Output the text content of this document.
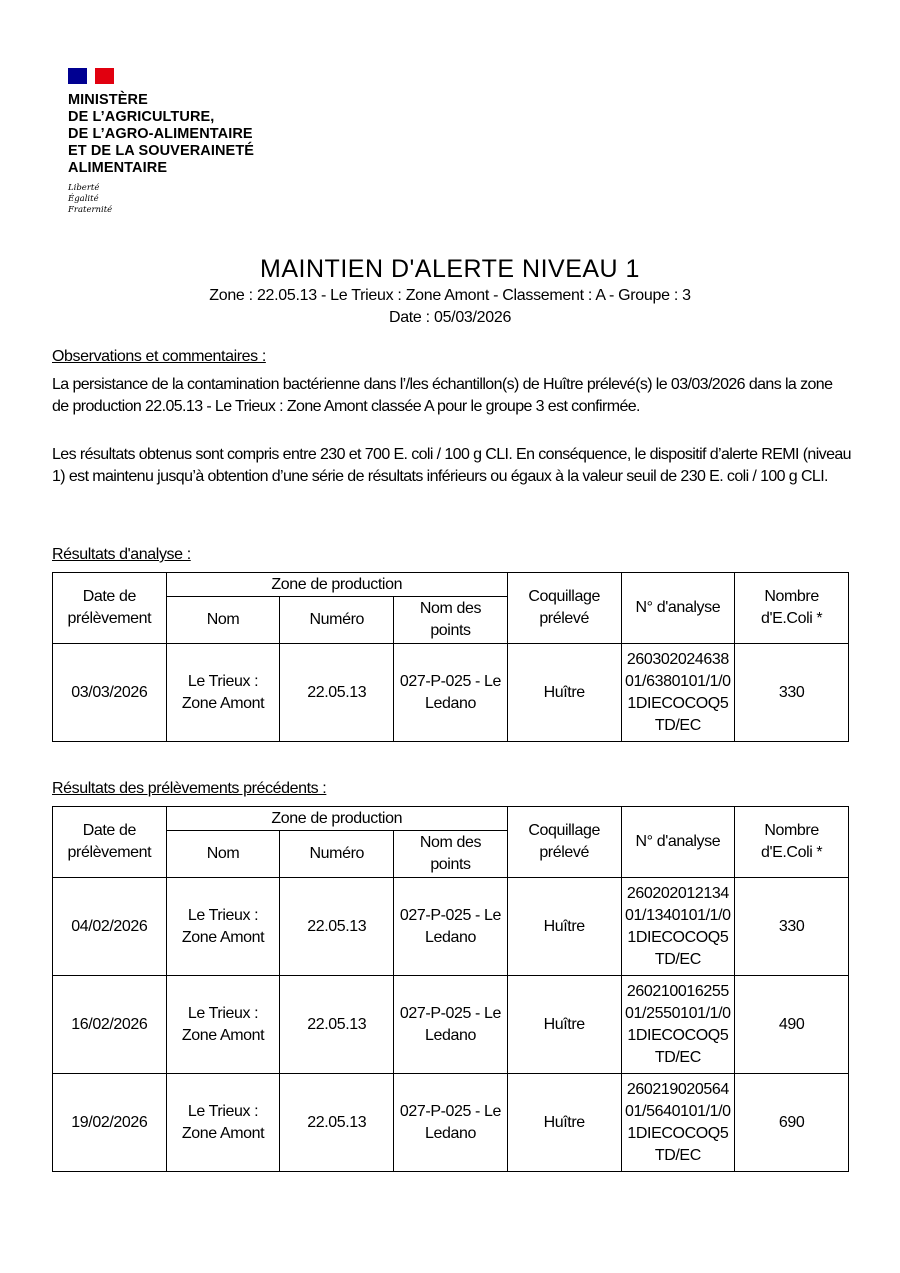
MINISTÈRE
DE L’AGRICULTURE,
DE L’AGRO-ALIMENTAIRE
ET DE LA SOUVERAINETÉ
ALIMENTAIRE
Liberté
Égalité
Fraternité
MAINTIEN D'ALERTE NIVEAU 1
Zone : 22.05.13 - Le Trieux : Zone Amont - Classement : A - Groupe : 3
Date : 05/03/2026
Observations et commentaires :
La persistance de la contamination bactérienne dans l’/les échantillon(s) de Huître prélevé(s) le 03/03/2026 dans la zone de production 22.05.13 - Le Trieux : Zone Amont classée A pour le groupe 3 est confirmée.
Les résultats obtenus sont compris entre 230 et 700 E. coli / 100 g CLI. En conséquence, le dispositif d’alerte REMI (niveau 1) est maintenu jusqu’à obtention d’une série de résultats inférieurs ou égaux à la valeur seuil de 230 E. coli / 100 g CLI.
Résultats d'analyse :
Date de prélèvement	Zone de production			Coquillage prélevé	N° d'analyse	Nombre d'E.Coli *
	Nom	Numéro	Nom des points			
03/03/2026	Le Trieux : Zone Amont	22.05.13	027-P-025 - Le Ledano	Huître	26030202463801/6380101/1/01DIECOCOQ5TD/EC	330
Résultats des prélèvements précédents :
Date de prélèvement	Zone de production			Coquillage prélevé	N° d'analyse	Nombre d'E.Coli *
	Nom	Numéro	Nom des points			
04/02/2026	Le Trieux : Zone Amont	22.05.13	027-P-025 - Le Ledano	Huître	26020201213401/1340101/1/01DIECOCOQ5TD/EC	330
16/02/2026	Le Trieux : Zone Amont	22.05.13	027-P-025 - Le Ledano	Huître	26021001625501/2550101/1/01DIECOCOQ5TD/EC	490
19/02/2026	Le Trieux : Zone Amont	22.05.13	027-P-025 - Le Ledano	Huître	26021902056401/5640101/1/01DIECOCOQ5TD/EC	690
